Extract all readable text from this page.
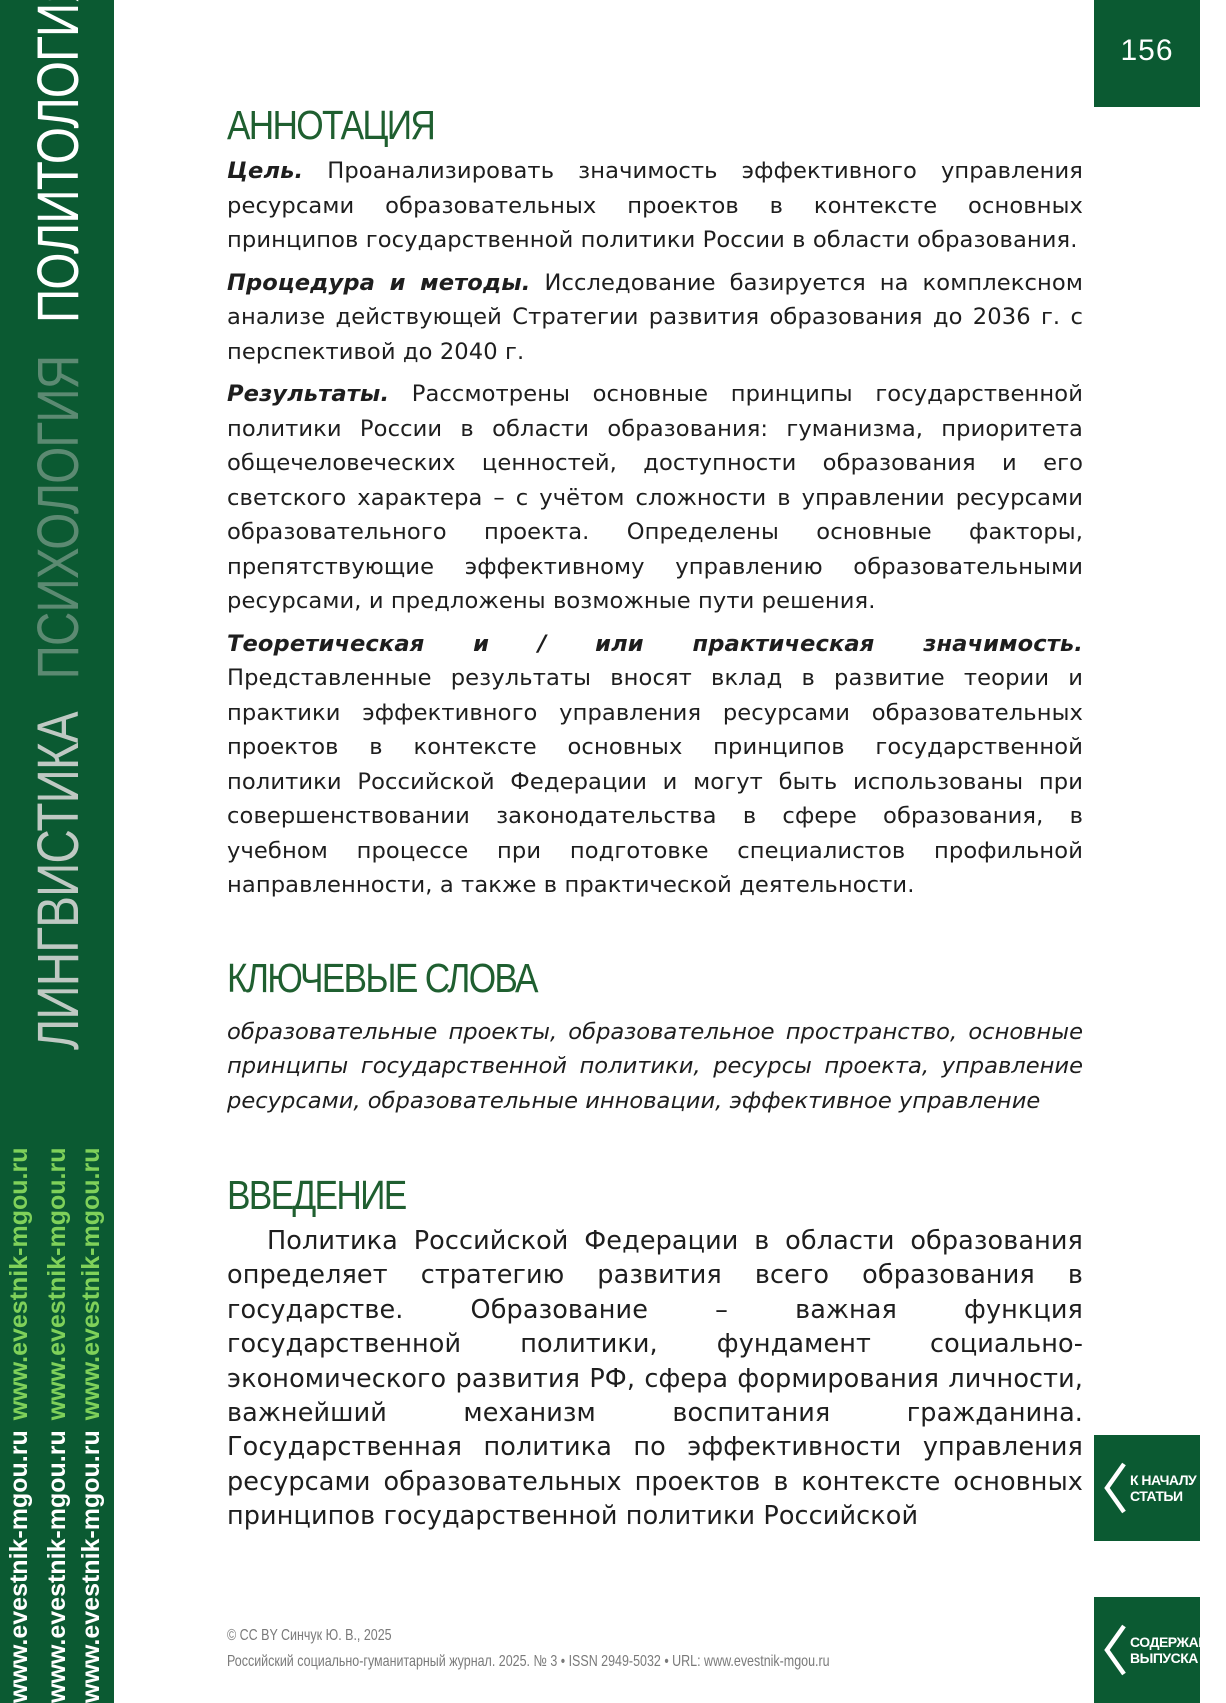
ЛИНГВИСТИКАПСИХОЛОГИЯПОЛИТОЛОГИЯ
www.evestnik-mgou.ruwww.evestnik-mgou.ru
www.evestnik-mgou.ruwww.evestnik-mgou.ru
www.evestnik-mgou.ruwww.evestnik-mgou.ru
156
АННОТАЦИЯ

Цель. Проанализировать значимость эффективного управления ресурсами образовательных проектов в контексте основных принципов государственной политики России в области образования.

Процедура и методы. Исследование базируется на комплексном анализе действующей Стратегии развития образования до 2036 г. с перспективой до 2040 г.

Результаты. Рассмотрены основные принципы государственной политики России в области образования: гуманизма, приоритета общечеловеческих ценностей, доступности образования и его светского характера – с учётом сложности в управлении ресурсами образовательного проекта. Определены основные факторы, препятствующие эффективному управлению образовательными ресурсами, и предложены возможные пути решения.

Теоретическая и / или практическая значимость. Представленные результаты вносят вклад в развитие теории и практики эффективного управления ресурсами образовательных проектов в контексте основных принципов государственной политики Российской Федерации и могут быть использованы при совершенствовании законодательства в сфере образования, в учебном процессе при подготовке специалистов профильной направленности, а также в практической деятельности.

КЛЮЧЕВЫЕ СЛОВА

образовательные проекты, образовательное пространство, основные принципы государственной политики, ресурсы проекта, управление ресурсами, образовательные инновации, эффективное управление

ВВЕДЕНИЕ

Политика Российской Федерации в области образования определяет стратегию развития всего образования в государстве. Образование – важная функция государственной политики, фундамент социально-экономического развития РФ, сфера формирования личности, важнейший механизм воспитания гражданина. Государственная политика по эффективности управления ресурсами образовательных проектов в контексте основных принципов государственной политики Российской

К НАЧАЛУ
СТАТЬИ
СОДЕРЖАНИЕ
ВЫПУСКА
© CC BY Синчук Ю. В., 2025
Российский социально-гуманитарный журнал. 2025. № 3 • ISSN 2949-5032 • URL: www.evestnik-mgou.ru
